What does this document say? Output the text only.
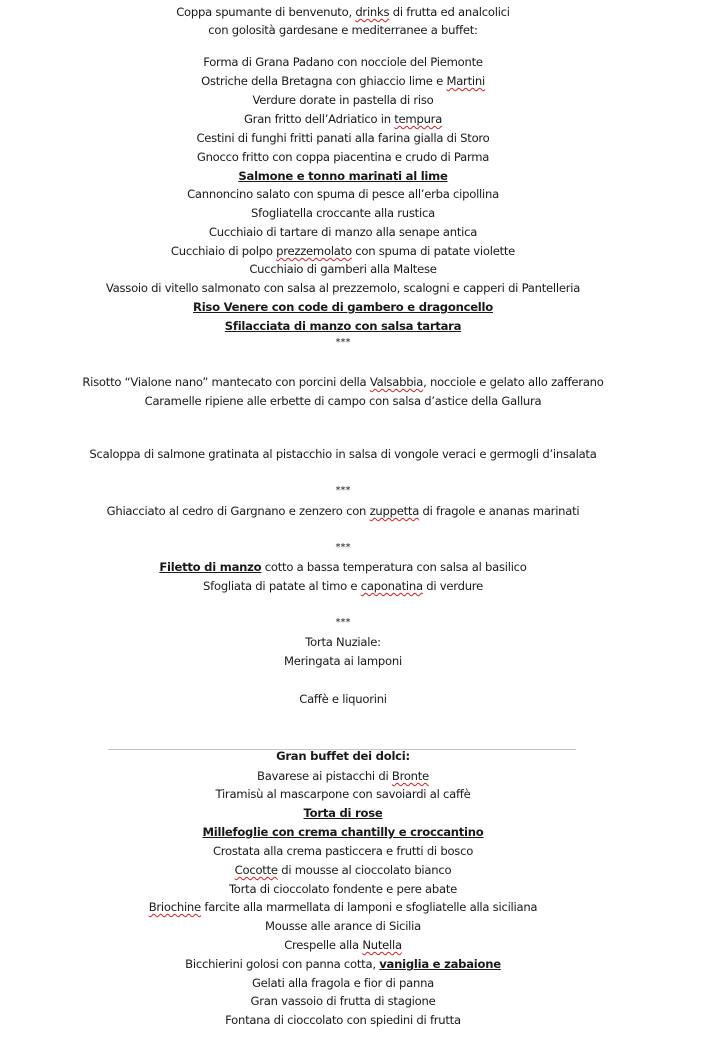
Coppa spumante di benvenuto, drinks di frutta ed analcolici
con golosità gardesane e mediterranee a buffet:
Forma di Grana Padano con nocciole del Piemonte
Ostriche della Bretagna con ghiaccio lime e Martini
Verdure dorate in pastella di riso
Gran fritto dell’Adriatico in tempura
Cestini di funghi fritti panati alla farina gialla di Storo
Gnocco fritto con coppa piacentina e crudo di Parma
Salmone e tonno marinati al lime
Cannoncino salato con spuma di pesce all’erba cipollina
Sfogliatella croccante alla rustica
Cucchiaio di tartare di manzo alla senape antica
Cucchiaio di polpo prezzemolato con spuma di patate violette
Cucchiaio di gamberi alla Maltese
Vassoio di vitello salmonato con salsa al prezzemolo, scalogni e capperi di Pantelleria
Riso Venere con code di gambero e dragoncello
Sfilacciata di manzo con salsa tartara
***
Risotto “Vialone nano” mantecato con porcini della Valsabbia, nocciole e gelato allo zafferano
Caramelle ripiene alle erbette di campo con salsa d’astice della Gallura
Scaloppa di salmone gratinata al pistacchio in salsa di vongole veraci e germogli d’insalata
***
Ghiacciato al cedro di Gargnano e zenzero con zuppetta di fragole e ananas marinati
***
Filetto di manzo cotto a bassa temperatura con salsa al basilico
Sfogliata di patate al timo e caponatina di verdure
***
Torta Nuziale:
Meringata ai lamponi
Caffè e liquorini
Gran buffet dei dolci:
Bavarese ai pistacchi di Bronte
Tiramisù al mascarpone con savoiardi al caffè
Torta di rose
Millefoglie con crema chantilly e croccantino
Crostata alla crema pasticcera e frutti di bosco
Cocotte di mousse al cioccolato bianco
Torta di cioccolato fondente e pere abate
Briochine farcite alla marmellata di lamponi e sfogliatelle alla siciliana
Mousse alle arance di Sicilia
Crespelle alla Nutella
Bicchierini golosi con panna cotta, vaniglia e zabaione
Gelati alla fragola e fior di panna
Gran vassoio di frutta di stagione
Fontana di cioccolato con spiedini di frutta
